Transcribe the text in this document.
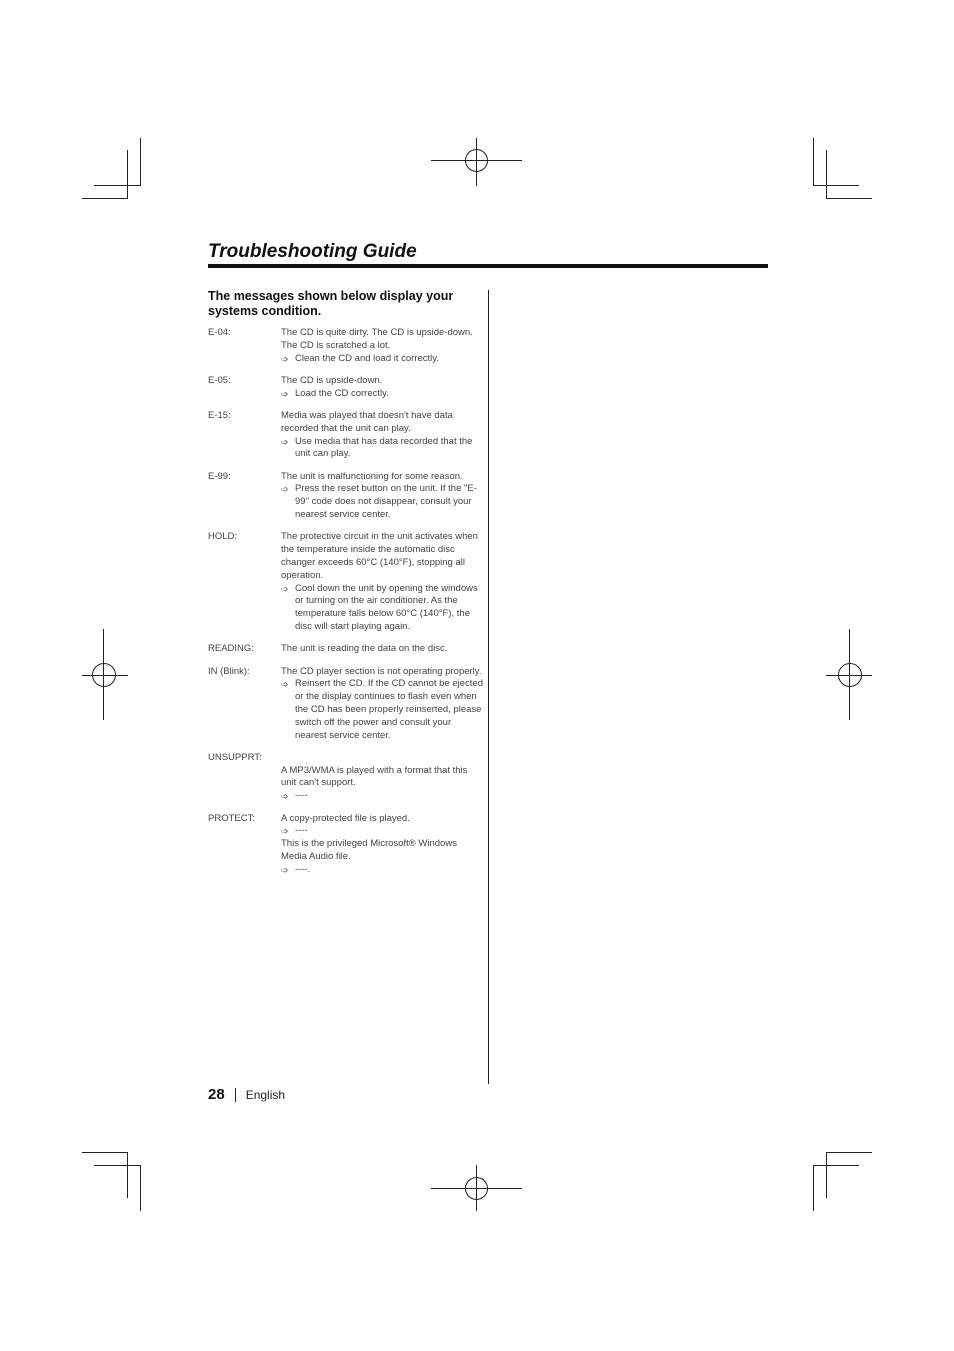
Troubleshooting Guide
The messages shown below display your systems condition.
E-04:	The CD is quite dirty. The CD is upside-down. The CD is scratched a lot.
➩ Clean the CD and load it correctly.
E-05:	The CD is upside-down.
➩ Load the CD correctly.
E-15:	Media was played that doesn't have data recorded that the unit can play.
➩ Use media that has data recorded that the unit can play.
E-99:	The unit is malfunctioning for some reason.
➩ Press the reset button on the unit. If the "E-99" code does not disappear, consult your nearest service center.
HOLD:	The protective circuit in the unit activates when the temperature inside the automatic disc changer exceeds 60°C (140°F), stopping all operation.
➩ Cool down the unit by opening the windows or turning on the air conditioner. As the temperature falls below 60°C (140°F), the disc will start playing again.
READING:	The unit is reading the data on the disc.
IN (Blink):	The CD player section is not operating properly.
➩ Reinsert the CD. If the CD cannot be ejected or the display continues to flash even when the CD has been properly reinserted, please switch off the power and consult your nearest service center.
UNSUPPRT:
A MP3/WMA is played with a format that this unit can't support.
➩ ----
PROTECT:	A copy-protected file is played.
➩ ----
This is the privileged Microsoft® Windows Media Audio file.
➩ ----.
28 English
